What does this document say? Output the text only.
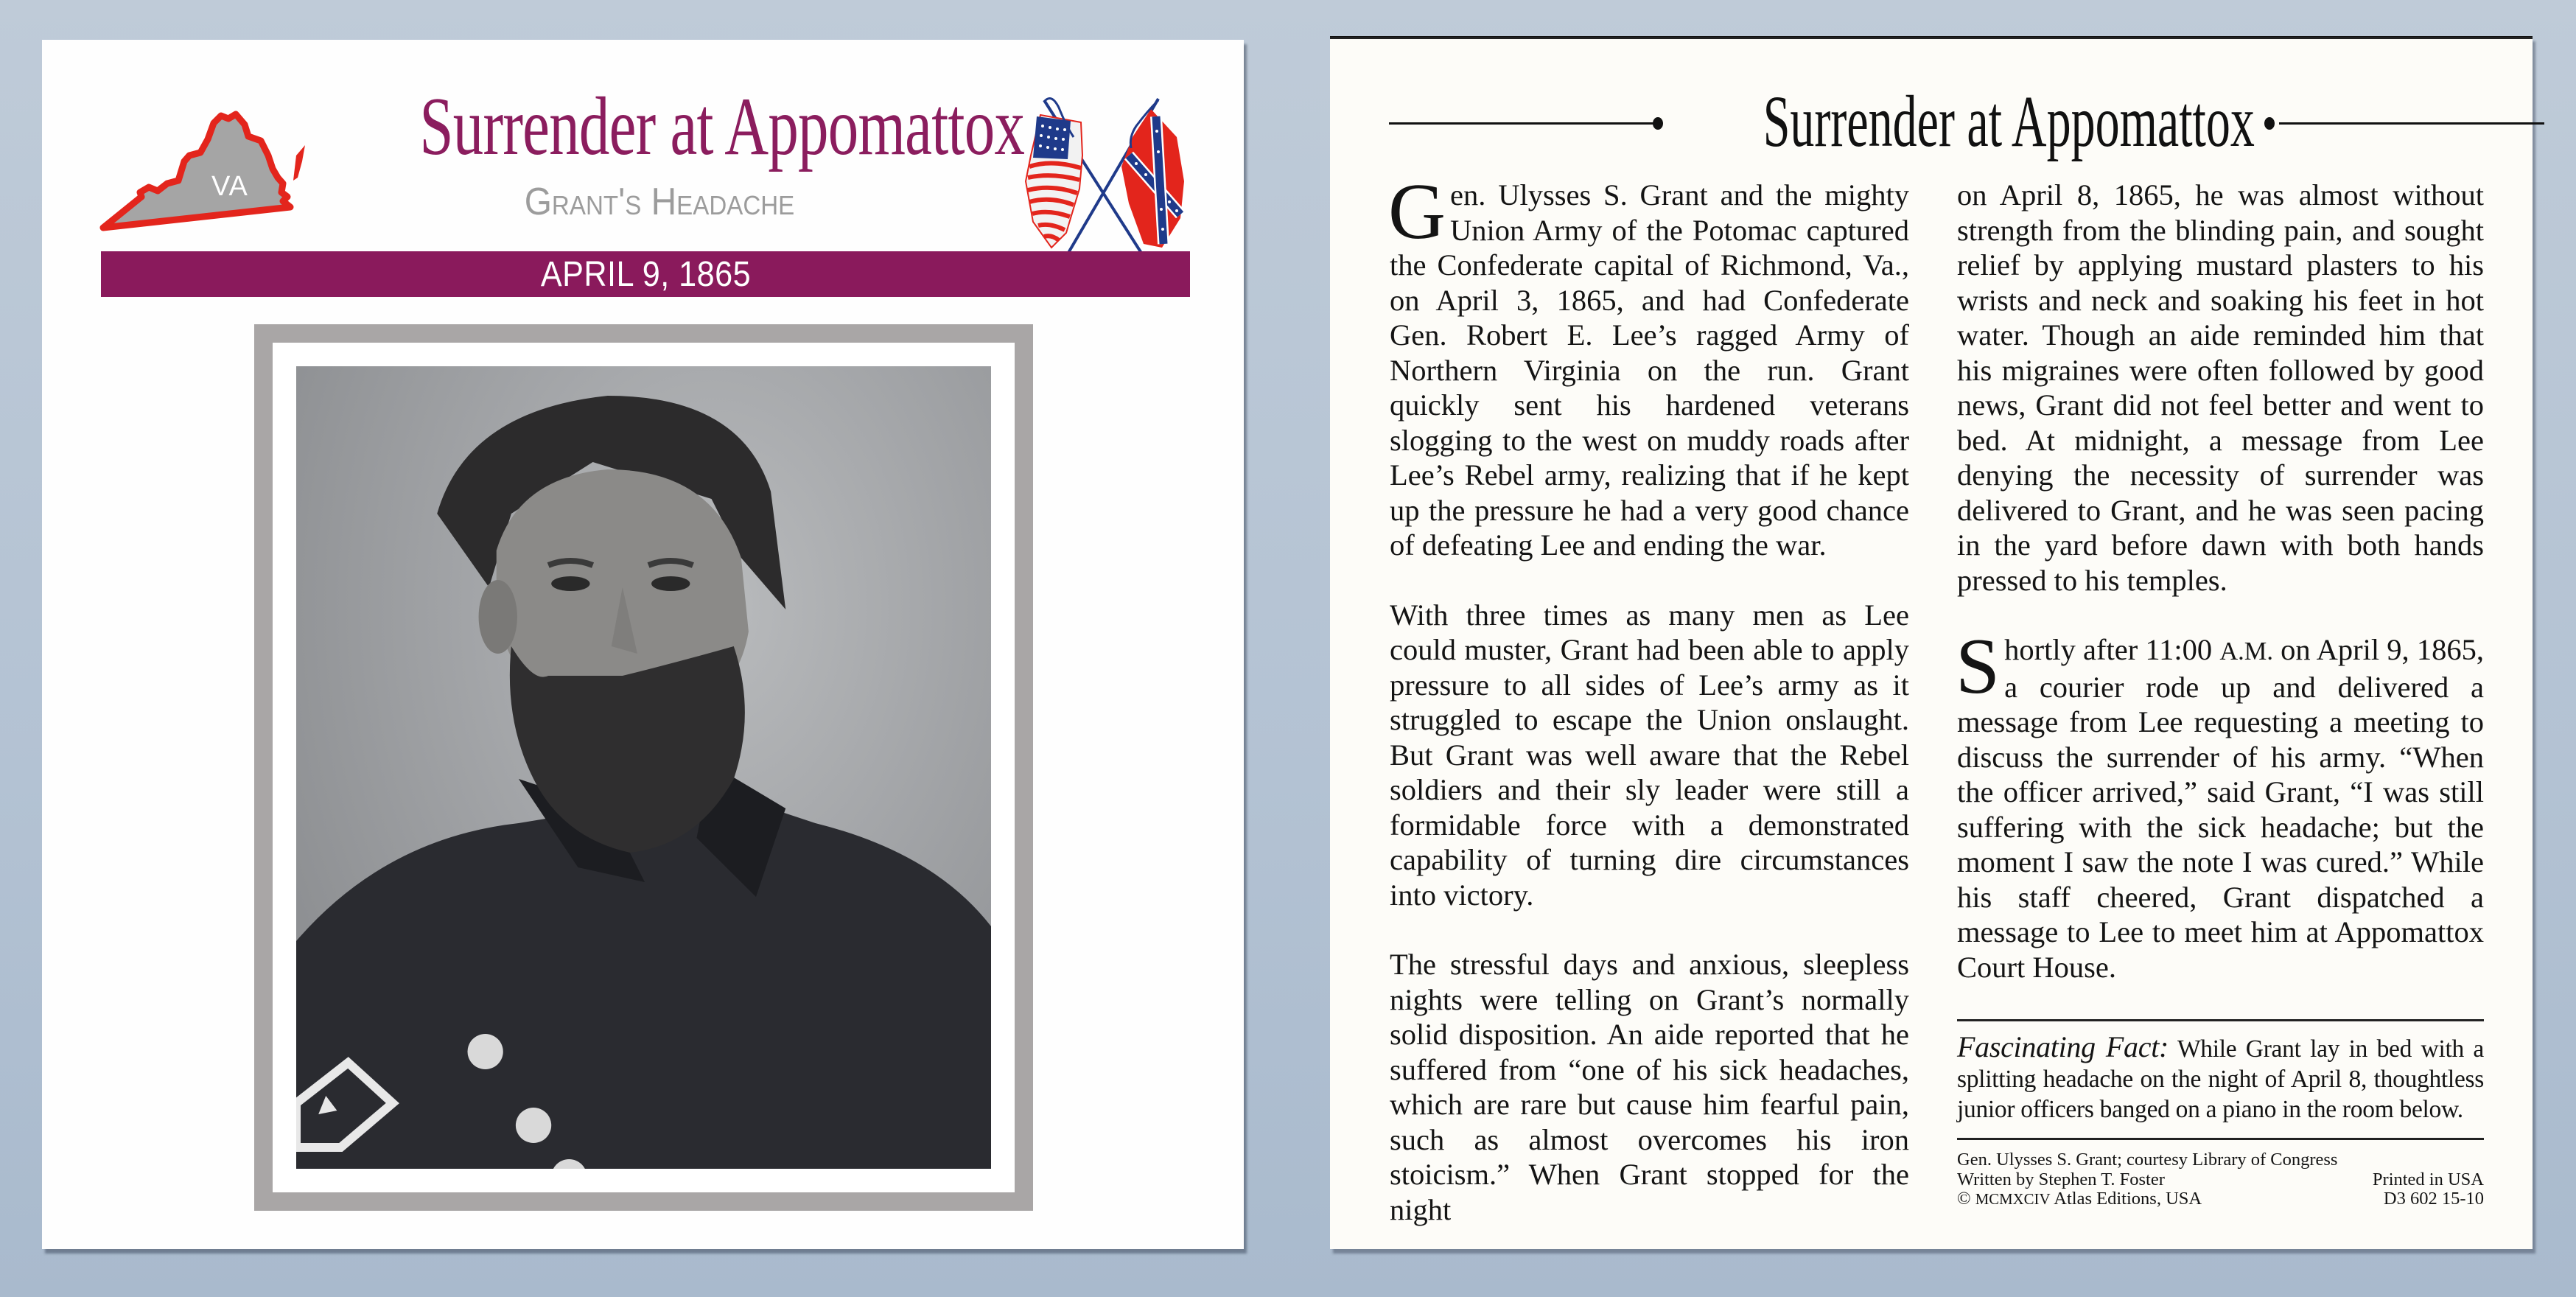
VA
Surrender at Appomattox
Grant's Headache
APRIL 9, 1865
Surrender at Appomattox

Gen. Ulysses S. Grant and the mighty Union Army of the Potomac captured the Confederate capital of Richmond, Va., on April 3, 1865, and had Confederate Gen. Robert E. Lee’s ragged Army of Northern Virginia on the run. Grant quickly sent his hardened veterans slogging to the west on muddy roads after Lee’s Rebel army, realizing that if he kept up the pressure he had a very good chance of defeating Lee and ending the war.

With three times as many men as Lee could muster, Grant had been able to apply pressure to all sides of Lee’s army as it struggled to escape the Union onslaught. But Grant was well aware that the Rebel soldiers and their sly leader were still a formidable force with a demonstrated capability of turning dire circumstances into victory.

The stressful days and anxious, sleepless nights were telling on Grant’s normally solid disposition. An aide reported that he suffered from “one of his sick headaches, which are rare but cause him fearful pain, such as almost overcomes his iron stoicism.” When Grant stopped for the night

on April 8, 1865, he was almost without strength from the blinding pain, and sought relief by applying mustard plasters to his wrists and neck and soaking his feet in hot water. Though an aide reminded him that his migraines were often followed by good news, Grant did not feel better and went to bed. At midnight, a message from Lee denying the necessity of surrender was delivered to Grant, and he was seen pacing in the yard before dawn with both hands pressed to his temples.

Shortly after 11:00 A.M. on April 9, 1865, a courier rode up and delivered a message from Lee requesting a meeting to discuss the surrender of his army. “When the officer arrived,” said Grant, “I was still suffering with the sick headache; but the moment I saw the note I was cured.” While his staff cheered, Grant dispatched a message to Lee to meet him at Appomattox Court House.

Fascinating Fact: While Grant lay in bed with a splitting headache on the night of April 8, thoughtless junior officers banged on a piano in the room below.
Gen. Ulysses S. Grant; courtesy Library of Congress
Written by Stephen T. Foster	Printed in USA
© MCMXCIV Atlas Editions, USA	D3 602 15-10
